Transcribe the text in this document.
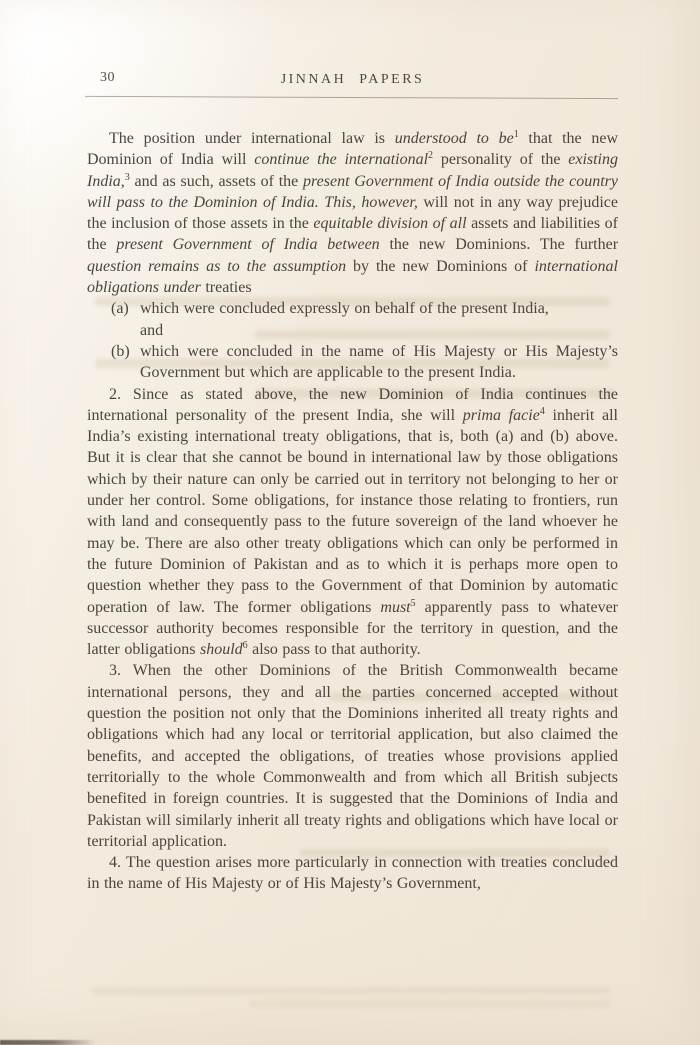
30	JINNAH PAPERS

The position under international law is understood to $be^1$ that the new Dominion of India will continue the international$^2$ personality of the existing India,$^3$ and as such, assets of the present Government of India outside the country will pass to the Dominion of India. This, however, will not in any way prejudice the inclusion of those assets in the equitable division of all assets and liabilities of the present Government of India between the new Dominions. The further question remains as to the assumption by the new Dominions of international obligations under treaties

(a) which were concluded expressly on behalf of the present India,
and

(b) which were concluded in the name of His Majesty or His Majesty’s Government but which are applicable to the present India.

2. Since as stated above, the new Dominion of India continues the international personality of the present India, she will prima facie$^4$ inherit all India’s existing international treaty obligations, that is, both (a) and (b) above. But it is clear that she cannot be bound in international law by those obligations which by their nature can only be carried out in territory not belonging to her or under her control. Some obligations, for instance those relating to frontiers, run with land and consequently pass to the future sovereign of the land whoever he may be. There are also other treaty obligations which can only be performed in the future Dominion of Pakistan and as to which it is perhaps more open to question whether they pass to the Government of that Dominion by automatic operation of law. The former obligations must$^5$ apparently pass to whatever successor authority becomes responsible for the territory in question, and the latter obligations should$^6$ also pass to that authority.

3. When the other Dominions of the British Commonwealth became international persons, they and all the parties concerned accepted without question the position not only that the Dominions inherited all treaty rights and obligations which had any local or territorial application, but also claimed the benefits, and accepted the obligations, of treaties whose provisions applied territorially to the whole Commonwealth and from which all British subjects benefited in foreign countries. It is suggested that the Dominions of India and Pakistan will similarly inherit all treaty rights and obligations which have local or territorial application.

4. The question arises more particularly in connection with treaties concluded in the name of His Majesty or of His Majesty’s Government,
